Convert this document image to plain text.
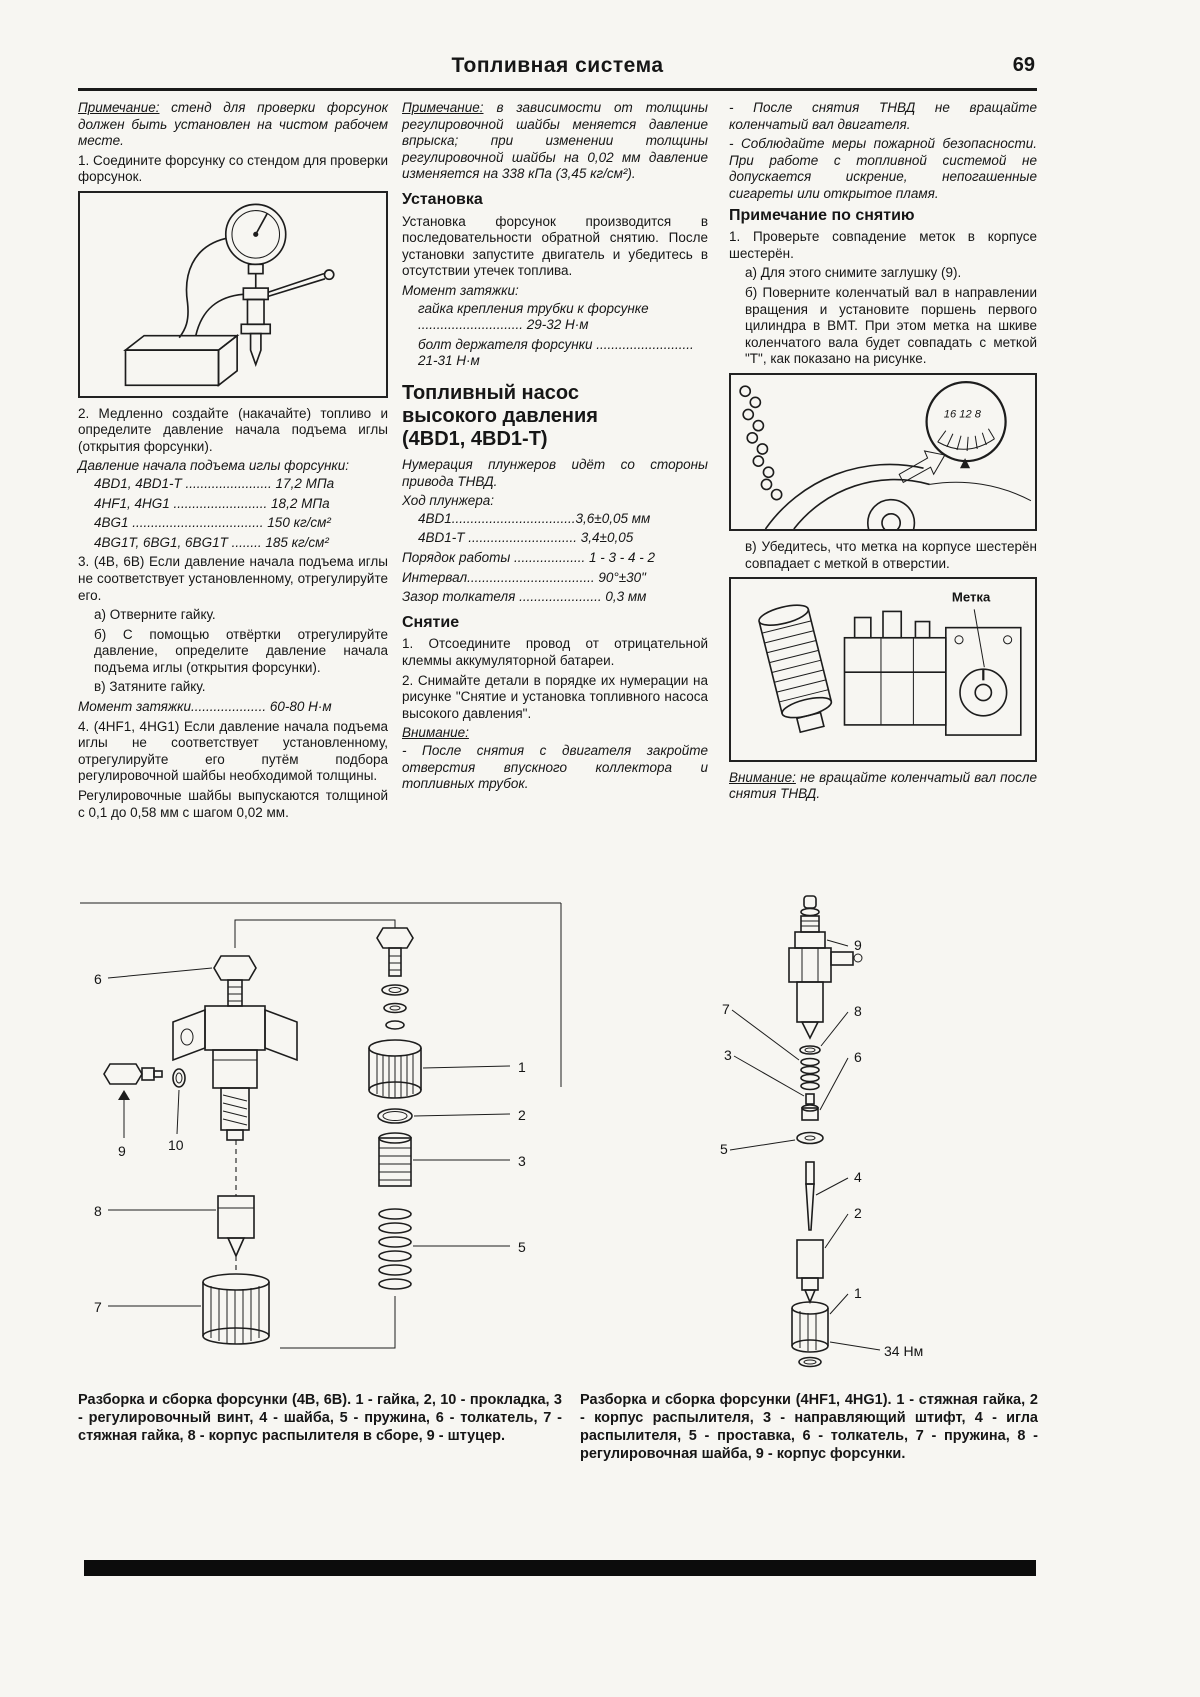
Топливная система	69

Примечание: стенд для проверки форсунок должен быть установлен на чистом рабочем месте.

1. Соедините форсунку со стендом для проверки форсунок.

2. Медленно создайте (накачайте) топливо и определите давление начала подъема иглы (открытия форсунки).

Давление начала подъема иглы форсунки:

4BD1, 4BD1-T ....................... 17,2 МПа

4HF1, 4HG1 ......................... 18,2 МПа

4BG1 ................................... 150 кг/см²

4BG1T, 6BG1, 6BG1T ........ 185 кг/см²

3. (4B, 6B) Если давление начала подъема иглы не соответствует установленному, отрегулируйте его.

а) Отверните гайку.

б) С помощью отвёртки отрегулируйте давление, определите давление начала подъема иглы (открытия форсунки).

в) Затяните гайку.

Момент затяжки.................... 60-80 Н·м

4. (4HF1, 4HG1) Если давление начала подъема иглы не соответствует установленному, отрегулируйте его путём подбора регулировочной шайбы необходимой толщины.

Регулировочные шайбы выпускаются толщиной с 0,1 до 0,58 мм с шагом 0,02 мм.

Примечание: в зависимости от толщины регулировочной шайбы меняется давление впрыска; при изменении толщины регулировочной шайбы на 0,02 мм давление изменяется на 338 кПа (3,45 кг/см²).

Установка

Установка форсунок производится в последовательности обратной снятию. После установки запустите двигатель и убедитесь в отсутствии утечек топлива.

Момент затяжки:

гайка крепления трубки к форсунке ............................ 29-32 Н·м

болт держателя форсунки .......................... 21-31 Н·м

Топливный насос
высокого давления
(4BD1, 4BD1-T)

Нумерация плунжеров идёт со стороны привода ТНВД.

Ход плунжера:

4BD1.................................3,6±0,05 мм

4BD1-T ............................. 3,4±0,05

Порядок работы ................... 1 - 3 - 4 - 2

Интервал.................................. 90°±30"

Зазор толкателя ...................... 0,3 мм

Снятие

1. Отсоедините провод от отрицательной клеммы аккумуляторной батареи.

2. Снимайте детали в порядке их нумерации на рисунке "Снятие и установка топливного насоса высокого давления".

Внимание:

- После снятия с двигателя закройте отверстия впускного коллектора и топливных трубок.

- После снятия ТНВД не вращайте коленчатый вал двигателя.

- Соблюдайте меры пожарной безопасности. При работе с топливной системой не допускается искрение, непогашенные сигареты или открытое пламя.

Примечание по снятию

1. Проверьте совпадение меток в корпусе шестерён.

а) Для этого снимите заглушку (9).

б) Поверните коленчатый вал в направлении вращения и установите поршень первого цилиндра в ВМТ. При этом метка на шкиве коленчатого вала будет совпадать с меткой "Т", как показано на рисунке.

16 12 8

в) Убедитесь, что метка на корпусе шестерён совпадает с меткой в отверстии.

Метка

Внимание: не вращайте коленчатый вал после снятия ТНВД.

6
10
9
8
7
1
2
3
5
9
7	8
3	6
5
4
2
1
34 Нм

Разборка и сборка форсунки (4B, 6B). 1 - гайка, 2, 10 - прокладка, 3 - регулировочный винт, 4 - шайба, 5 - пружина, 6 - толкатель, 7 - стяжная гайка, 8 - корпус распылителя в сборе, 9 - штуцер.

Разборка и сборка форсунки (4HF1, 4HG1). 1 - стяжная гайка, 2 - корпус распылителя, 3 - направляющий штифт, 4 - игла распылителя, 5 - проставка, 6 - толкатель, 7 - пружина, 8 - регулировочная шайба, 9 - корпус форсунки.
